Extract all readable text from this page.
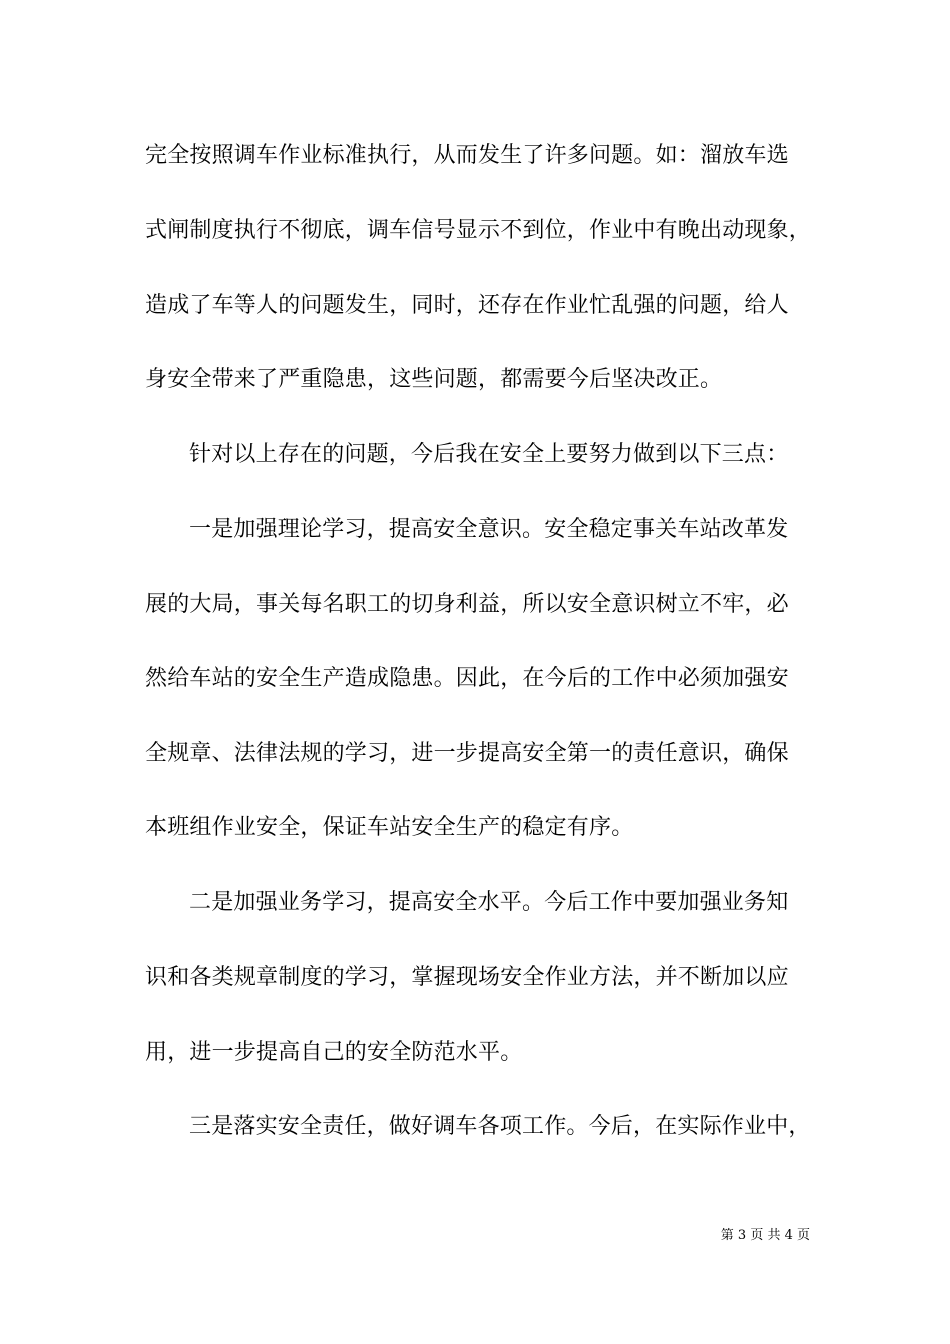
完全按照调车作业标准执行，从而发生了许多问题。如：溜放车选
式闸制度执行不彻底，调车信号显示不到位，作业中有晚出动现象，
造成了车等人的问题发生，同时，还存在作业忙乱强的问题，给人
身安全带来了严重隐患，这些问题，都需要今后坚决改正。
针对以上存在的问题，今后我在安全上要努力做到以下三点：
一是加强理论学习，提高安全意识。安全稳定事关车站改革发
展的大局，事关每名职工的切身利益，所以安全意识树立不牢，必
然给车站的安全生产造成隐患。因此，在今后的工作中必须加强安
全规章、法律法规的学习，进一步提高安全第一的责任意识，确保
本班组作业安全，保证车站安全生产的稳定有序。
二是加强业务学习，提高安全水平。今后工作中要加强业务知
识和各类规章制度的学习，掌握现场安全作业方法，并不断加以应
用，进一步提高自己的安全防范水平。
三是落实安全责任，做好调车各项工作。今后，在实际作业中，

第 3 页 共 4 页
